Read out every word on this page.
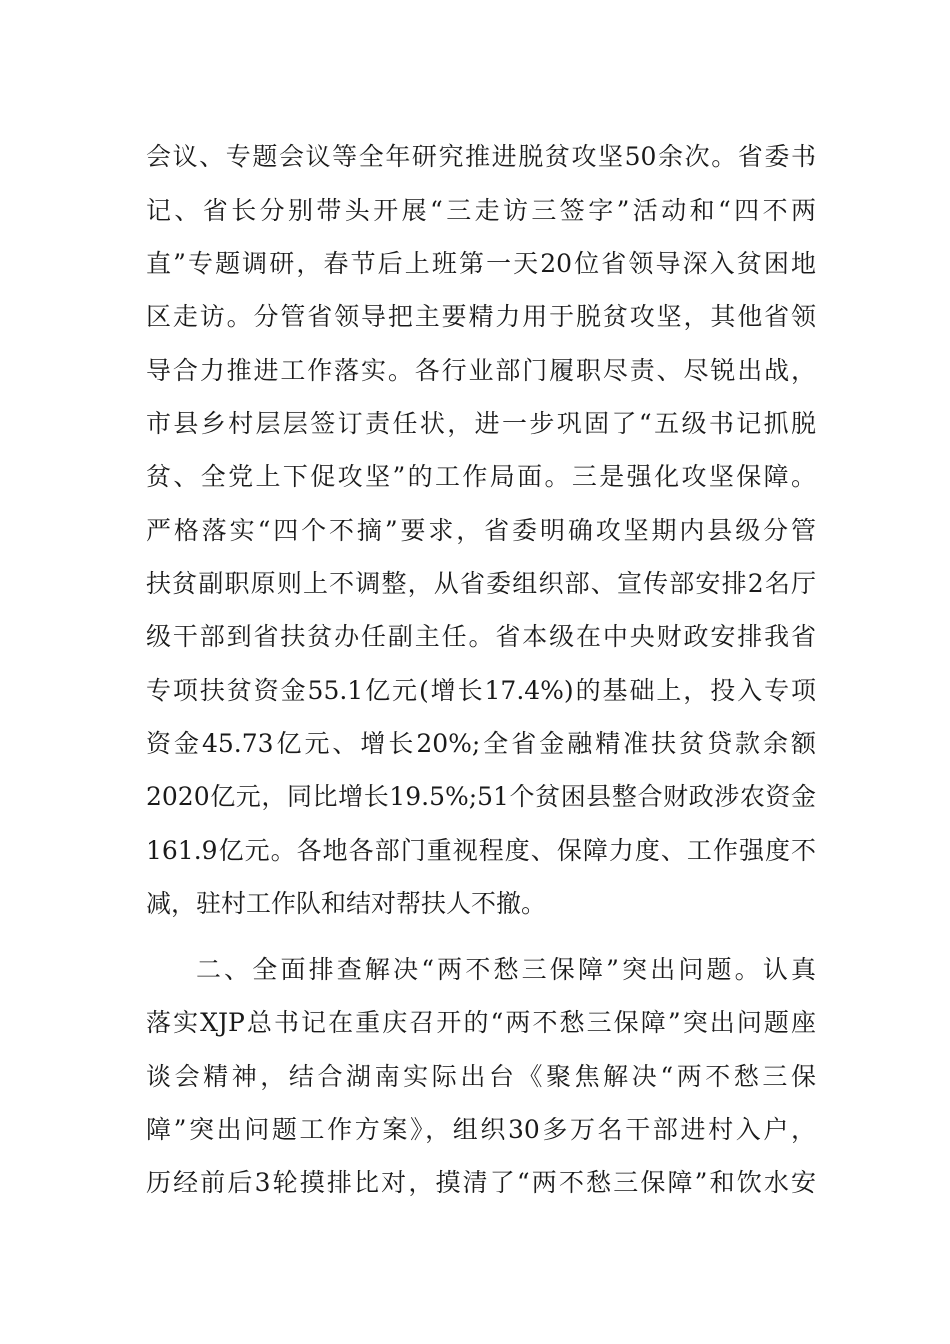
会议、专题会议等全年研究推进脱贫攻坚50余次。省委书
记、省长分别带头开展“三走访三签字”活动和“四不两
直”专题调研，春节后上班第一天20位省领导深入贫困地
区走访。分管省领导把主要精力用于脱贫攻坚，其他省领
导合力推进工作落实。各行业部门履职尽责、尽锐出战，
市县乡村层层签订责任状，进一步巩固了“五级书记抓脱
贫、全党上下促攻坚”的工作局面。三是强化攻坚保障。
严格落实“四个不摘”要求，省委明确攻坚期内县级分管
扶贫副职原则上不调整，从省委组织部、宣传部安排2名厅
级干部到省扶贫办任副主任。省本级在中央财政安排我省
专项扶贫资金55.1亿元(增长17.4%)的基础上，投入专项
资金45.73亿元、增长20%;全省金融精准扶贫贷款余额
2020亿元，同比增长19.5%;51个贫困县整合财政涉农资金
161.9亿元。各地各部门重视程度、保障力度、工作强度不
减，驻村工作队和结对帮扶人不撤。
二、全面排查解决“两不愁三保障”突出问题。认真
落实XJP总书记在重庆召开的“两不愁三保障”突出问题座
谈会精神，结合湖南实际出台《聚焦解决“两不愁三保
障”突出问题工作方案》，组织30多万名干部进村入户，
历经前后3轮摸排比对，摸清了“两不愁三保障”和饮水安
